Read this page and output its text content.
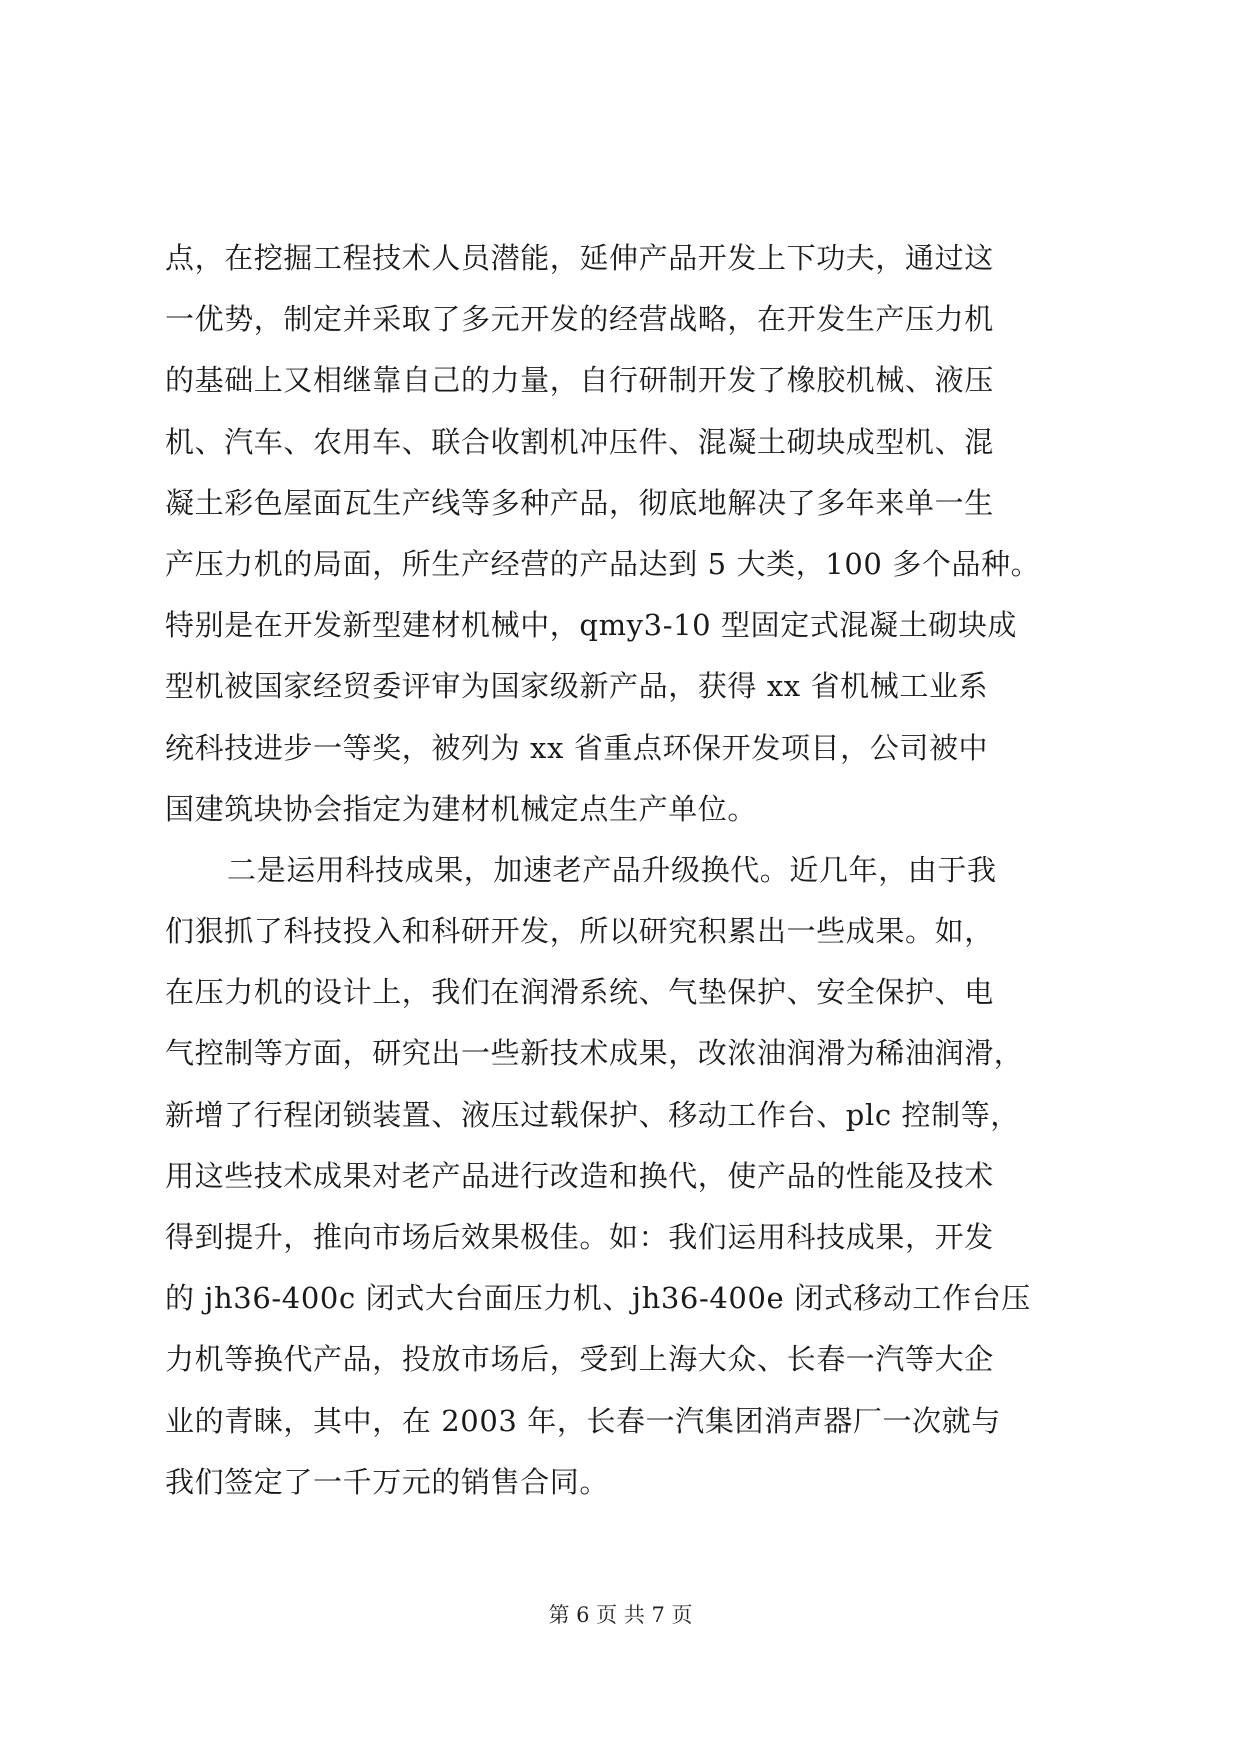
点，在挖掘工程技术人员潜能，延伸产品开发上下功夫，通过这
一优势，制定并采取了多元开发的经营战略，在开发生产压力机
的基础上又相继靠自己的力量，自行研制开发了橡胶机械、液压
机、汽车、农用车、联合收割机冲压件、混凝土砌块成型机、混
凝土彩色屋面瓦生产线等多种产品，彻底地解决了多年来单一生
产压力机的局面，所生产经营的产品达到 5 大类，100 多个品种。
特别是在开发新型建材机械中，qmy3-10 型固定式混凝土砌块成
型机被国家经贸委评审为国家级新产品，获得 xx 省机械工业系
统科技进步一等奖，被列为 xx 省重点环保开发项目，公司被中
国建筑块协会指定为建材机械定点生产单位。
二是运用科技成果，加速老产品升级换代。近几年，由于我
们狠抓了科技投入和科研开发，所以研究积累出一些成果。如，
在压力机的设计上，我们在润滑系统、气垫保护、安全保护、电
气控制等方面，研究出一些新技术成果，改浓油润滑为稀油润滑，
新增了行程闭锁装置、液压过载保护、移动工作台、plc 控制等，
用这些技术成果对老产品进行改造和换代，使产品的性能及技术
得到提升，推向市场后效果极佳。如：我们运用科技成果，开发
的 jh36-400c 闭式大台面压力机、jh36-400e 闭式移动工作台压
力机等换代产品，投放市场后，受到上海大众、长春一汽等大企
业的青睐，其中，在 2003 年，长春一汽集团消声器厂一次就与
我们签定了一千万元的销售合同。
第 6 页 共 7 页
